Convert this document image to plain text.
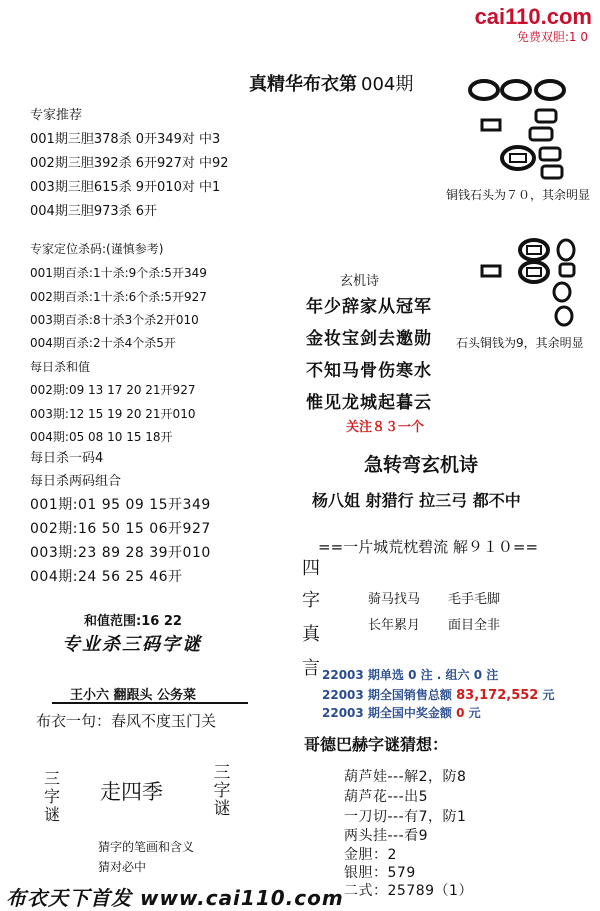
cai110.com
免费双胆:1 0
真精华布衣第 004期
专家推荐
001期三胆378杀 0开349对 中3
002期三胆392杀 6开927对 中92
003期三胆615杀 9开010对 中1
004期三胆973杀 6开
专家定位杀码:(谨慎参考)
001期百杀:1十杀:9个杀:5开349
002期百杀:1十杀:6个杀:5开927
003期百杀:8十杀3个杀2开010
004期百杀:2十杀4个杀5开
每日杀和值
002期:09 13 17 20 21开927
003期:12 15 19 20 21开010
004期:05 08 10 15 18开
每日杀一码4
每日杀两码组合
001期:01 95 09 15开349
002期:16 50 15 06开927
003期:23 89 28 39开010
004期:24 56 25 46开
和值范围:16 22
专业杀三码字谜
王小六 翻跟头 公务菜
布衣一句：春风不度玉门关
三字谜
走四季
三字谜
猜字的笔画和含义
猜对必中
铜钱石头为７０，其余明显
石头铜钱为9，其余明显
玄机诗
年少辞家从冠军
金妆宝剑去邀勋
不知马骨伤寒水
惟见龙城起暮云
关注８３一个
急转弯玄机诗
杨八姐 射猎行 拉三弓 都不中
==一片城荒枕碧流 解９１０==
四
字
真
言
骑马找马 毛手毛脚
长年累月 面目全非
22003 期单选 0 注 . 组六 0 注
22003 期全国销售总额 83,172,552 元
22003 期全国中奖金额 0 元
哥德巴赫字谜猜想：
葫芦娃---解2，防8
葫芦花---出5
一刀切---有7，防1
两头挂---看9
金胆：2
银胆：579
二式：25789（1）
布衣天下首发 www.cai110.com
